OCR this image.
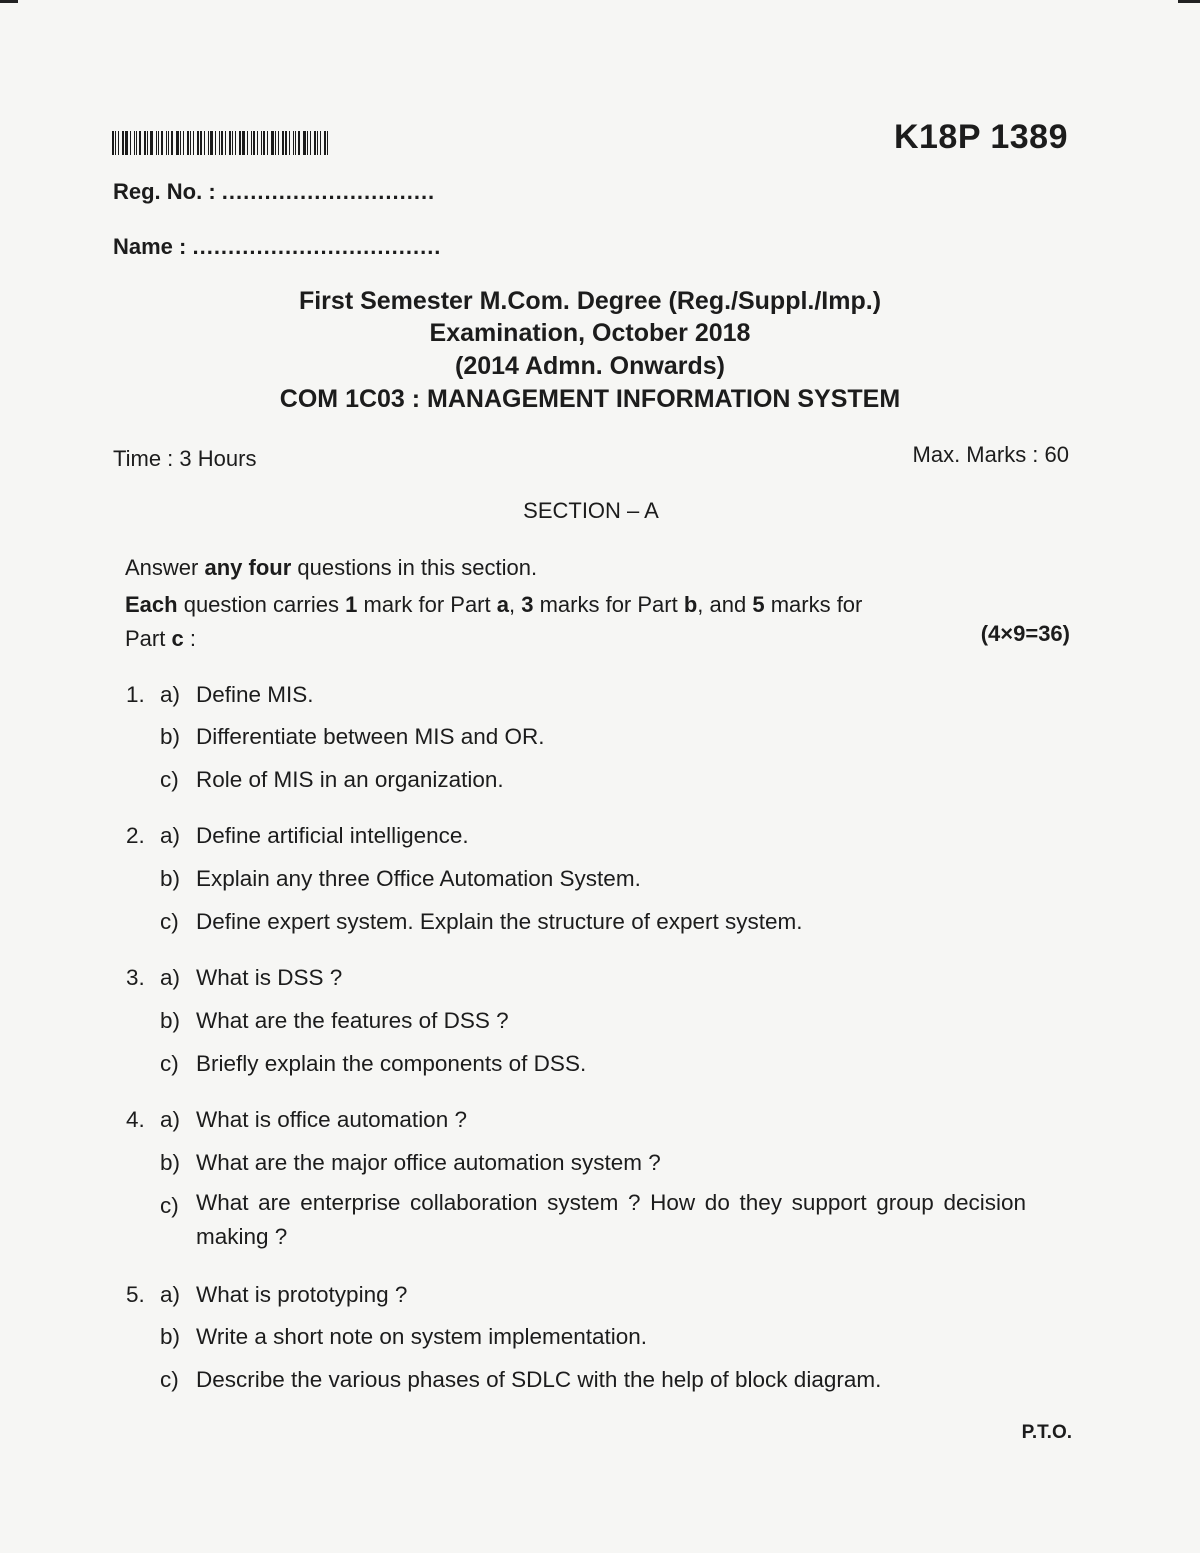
K18P 1389
Reg. No. : ..............................
Name : ...................................
First Semester M.Com. Degree (Reg./Suppl./Imp.)
Examination, October 2018
(2014 Admn. Onwards)
COM 1C03 : MANAGEMENT INFORMATION SYSTEM
Time : 3 Hours	Max. Marks : 60
SECTION – A
Answer any four questions in this section.
Each question carries 1 mark for Part a, 3 marks for Part b, and 5 marks for
Part c :	(4×9=36)
1. a) Define MIS.
b) Differentiate between MIS and OR.
c) Role of MIS in an organization.
2. a) Define artificial intelligence.
b) Explain any three Office Automation System.
c) Define expert system. Explain the structure of expert system.
3. a) What is DSS ?
b) What are the features of DSS ?
c) Briefly explain the components of DSS.
4. a) What is office automation ?
b) What are the major office automation system ?
c) What are enterprise collaboration system ? How do they support group decision making ?
5. a) What is prototyping ?
b) Write a short note on system implementation.
c) Describe the various phases of SDLC with the help of block diagram.
P.T.O.
